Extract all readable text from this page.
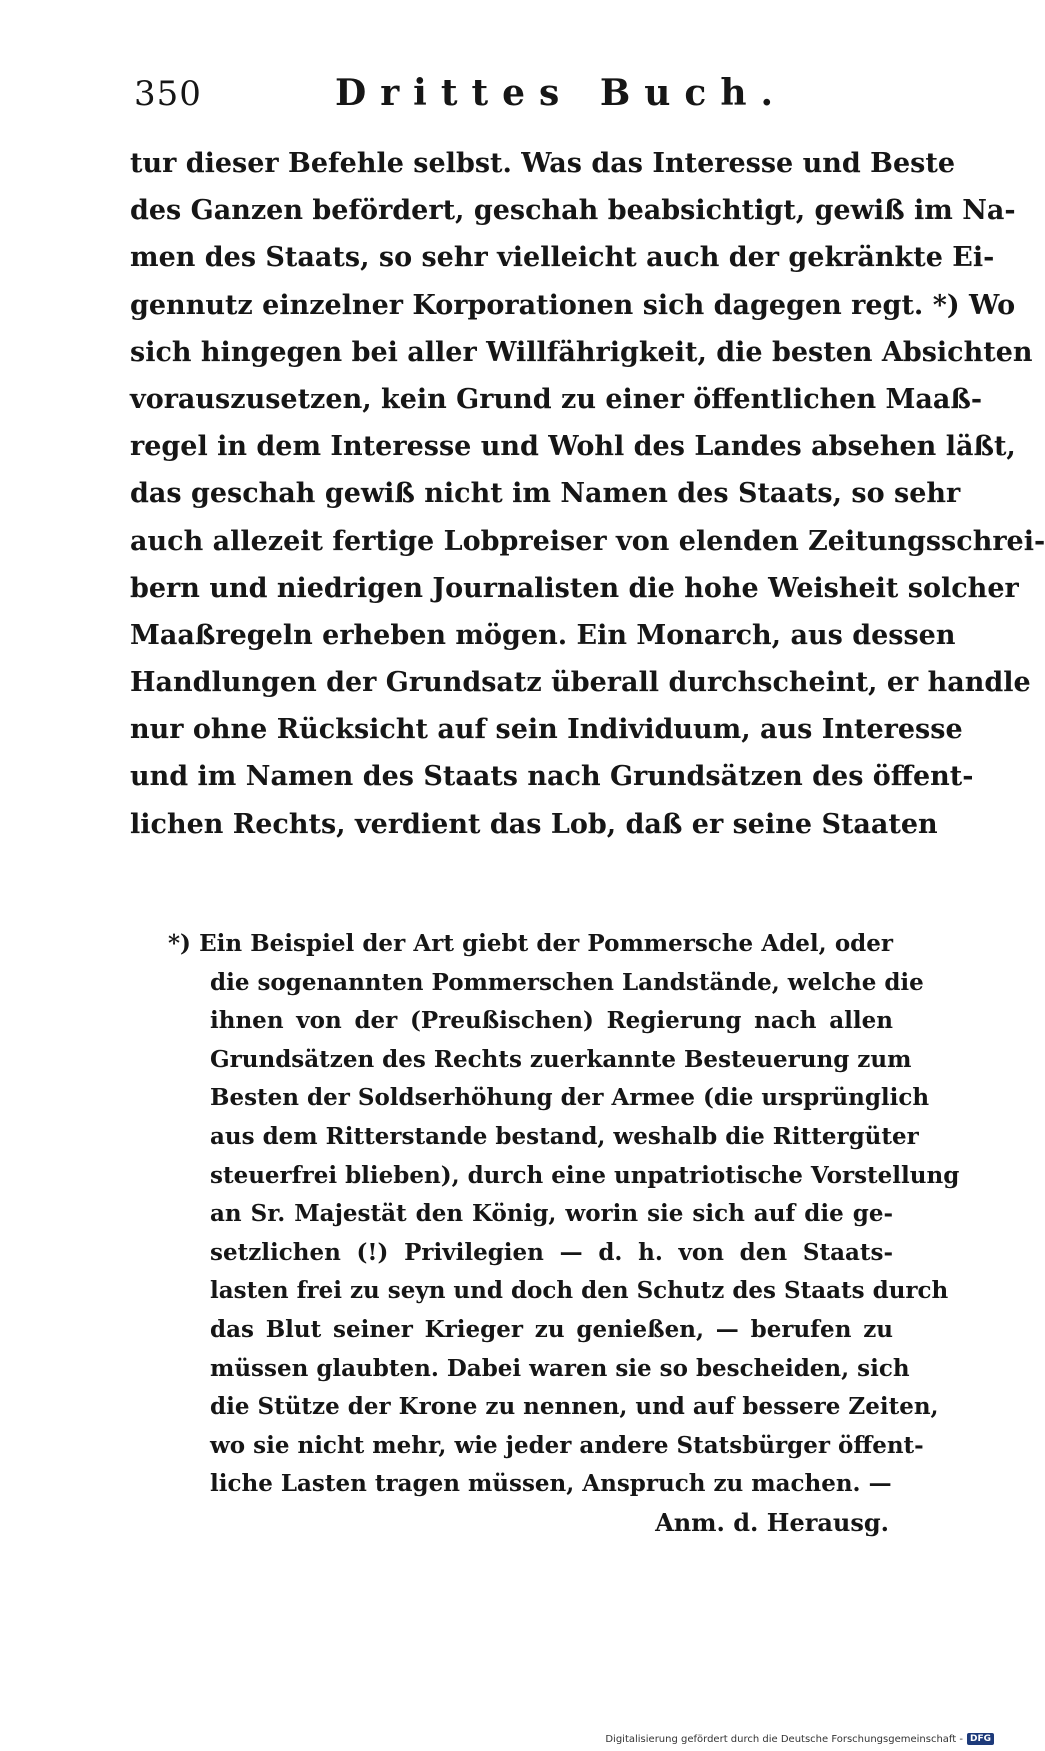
350	Drittes Buch.
tur dieser Befehle selbst. Was das Interesse und Beste
des Ganzen befördert, geschah beabsichtigt, gewiß im Na-
men des Staats, so sehr vielleicht auch der gekränkte Ei-
gennutz einzelner Korporationen sich dagegen regt. *) Wo
sich hingegen bei aller Willfährigkeit, die besten Absichten
vorauszusetzen, kein Grund zu einer öffentlichen Maaß-
regel in dem Interesse und Wohl des Landes absehen läßt,
das geschah gewiß nicht im Namen des Staats, so sehr
auch allezeit fertige Lobpreiser von elenden Zeitungsschrei-
bern und niedrigen Journalisten die hohe Weisheit solcher
Maaßregeln erheben mögen. Ein Monarch, aus dessen
Handlungen der Grundsatz überall durchscheint, er handle
nur ohne Rücksicht auf sein Individuum, aus Interesse
und im Namen des Staats nach Grundsätzen des öffent-
lichen Rechts, verdient das Lob, daß er seine Staaten
*) Ein Beispiel der Art giebt der Pommersche Adel, oder
die sogenannten Pommerschen Landstände, welche die
ihnen von der (Preußischen) Regierung nach allen
Grundsätzen des Rechts zuerkannte Besteuerung zum
Besten der Soldserhöhung der Armee (die ursprünglich
aus dem Ritterstande bestand, weshalb die Rittergüter
steuerfrei blieben), durch eine unpatriotische Vorstellung
an Sr. Majestät den König, worin sie sich auf die ge-
setzlichen (!) Privilegien — d. h. von den Staats-
lasten frei zu seyn und doch den Schutz des Staats durch
das Blut seiner Krieger zu genießen, — berufen zu
müssen glaubten. Dabei waren sie so bescheiden, sich
die Stütze der Krone zu nennen, und auf bessere Zeiten,
wo sie nicht mehr, wie jeder andere Statsbürger öffent-
liche Lasten tragen müssen, Anspruch zu machen. —
Anm. d. Herausg.
Digitalisierung gefördert durch die Deutsche Forschungsgemeinschaft - DFG
